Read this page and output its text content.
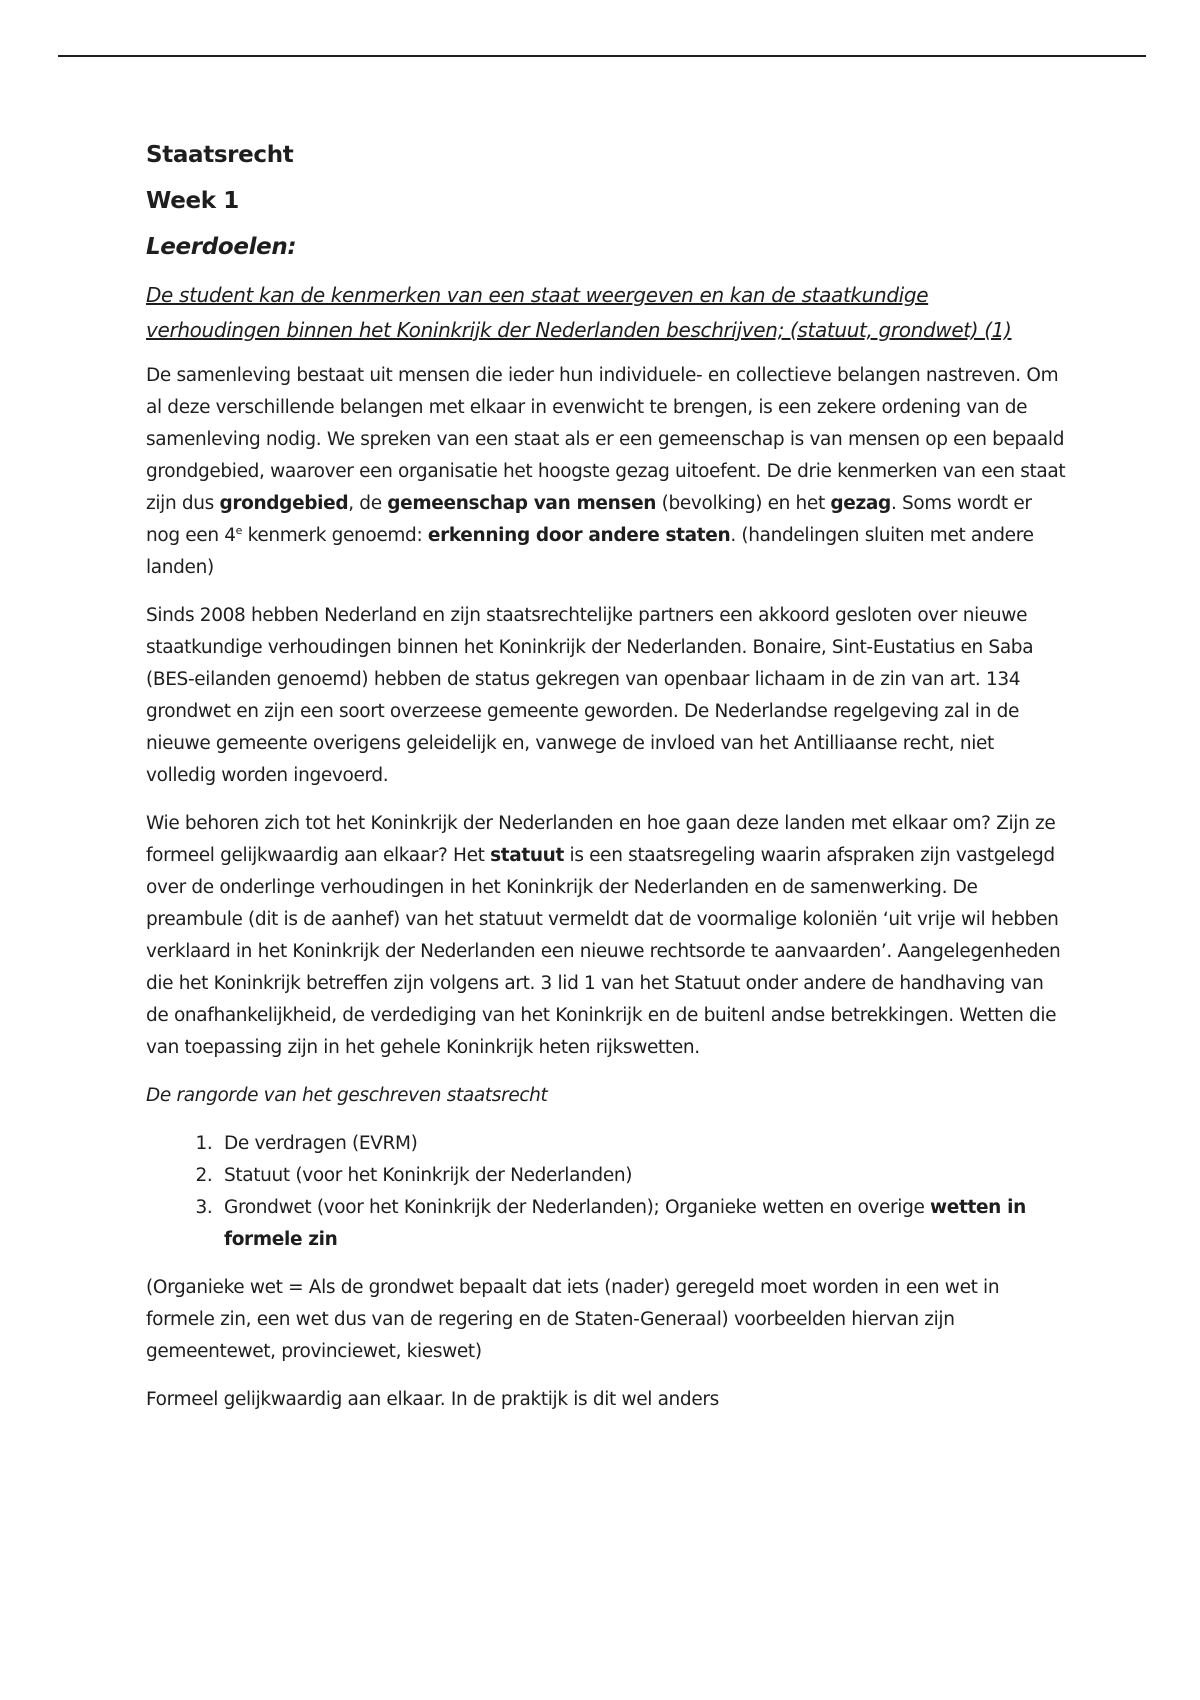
Staatsrecht

Week 1

Leerdoelen:

De student kan de kenmerken van een staat weergeven en kan de staatkundige verhoudingen binnen het Koninkrijk der Nederlanden beschrijven; (statuut, grondwet) (1)

De samenleving bestaat uit mensen die ieder hun individuele- en collectieve belangen nastreven. Om al deze verschillende belangen met elkaar in evenwicht te brengen, is een zekere ordening van de samenleving nodig. We spreken van een staat als er een gemeenschap is van mensen op een bepaald grondgebied, waarover een organisatie het hoogste gezag uitoefent. De drie kenmerken van een staat zijn dus grondgebied, de gemeenschap van mensen (bevolking) en het gezag. Soms wordt er nog een 4e kenmerk genoemd: erkenning door andere staten. (handelingen sluiten met andere landen)

Sinds 2008 hebben Nederland en zijn staatsrechtelijke partners een akkoord gesloten over nieuwe staatkundige verhoudingen binnen het Koninkrijk der Nederlanden. Bonaire, Sint-Eustatius en Saba (BES-eilanden genoemd) hebben de status gekregen van openbaar lichaam in de zin van art. 134 grondwet en zijn een soort overzeese gemeente geworden. De Nederlandse regelgeving zal in de nieuwe gemeente overigens geleidelijk en, vanwege de invloed van het Antilliaanse recht, niet volledig worden ingevoerd.

Wie behoren zich tot het Koninkrijk der Nederlanden en hoe gaan deze landen met elkaar om? Zijn ze formeel gelijkwaardig aan elkaar? Het statuut is een staatsregeling waarin afspraken zijn vastgelegd over de onderlinge verhoudingen in het Koninkrijk der Nederlanden en de samenwerking. De preambule (dit is de aanhef) van het statuut vermeldt dat de voormalige koloniën ‘uit vrije wil hebben verklaard in het Koninkrijk der Nederlanden een nieuwe rechtsorde te aanvaarden’. Aangelegenheden die het Koninkrijk betreffen zijn volgens art. 3 lid 1 van het Statuut onder andere de handhaving van de onafhankelijkheid, de verdediging van het Koninkrijk en de buitenl andse betrekkingen. Wetten die van toepassing zijn in het gehele Koninkrijk heten rijkswetten.

De rangorde van het geschreven staatsrecht

1. De verdragen (EVRM)
2. Statuut (voor het Koninkrijk der Nederlanden)
3. Grondwet (voor het Koninkrijk der Nederlanden); Organieke wetten en overige wetten in formele zin

(Organieke wet = Als de grondwet bepaalt dat iets (nader) geregeld moet worden in een wet in formele zin, een wet dus van de regering en de Staten-Generaal) voorbeelden hiervan zijn gemeentewet, provinciewet, kieswet)

Formeel gelijkwaardig aan elkaar. In de praktijk is dit wel anders
